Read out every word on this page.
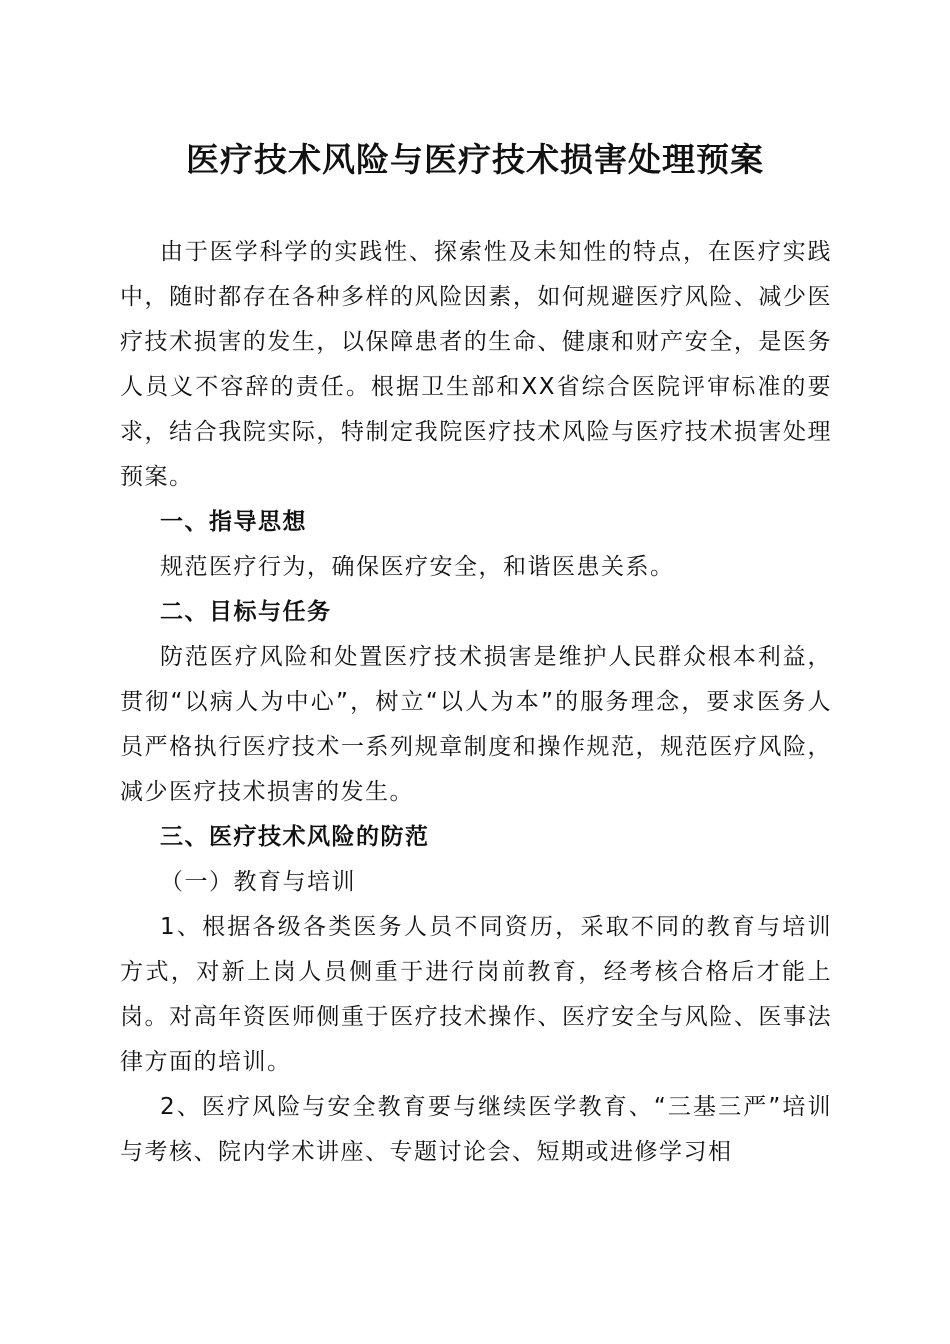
医疗技术风险与医疗技术损害处理预案

由于医学科学的实践性、探索性及未知性的特点，在医疗实践中，随时都存在各种多样的风险因素，如何规避医疗风险、减少医疗技术损害的发生，以保障患者的生命、健康和财产安全，是医务人员义不容辞的责任。根据卫生部和XX省综合医院评审标准的要求，结合我院实际，特制定我院医疗技术风险与医疗技术损害处理预案。

一、指导思想

规范医疗行为，确保医疗安全，和谐医患关系。

二、目标与任务

防范医疗风险和处置医疗技术损害是维护人民群众根本利益，贯彻“以病人为中心”，树立“以人为本”的服务理念，要求医务人员严格执行医疗技术一系列规章制度和操作规范，规范医疗风险，减少医疗技术损害的发生。

三、医疗技术风险的防范

（一）教育与培训

1、根据各级各类医务人员不同资历，采取不同的教育与培训方式，对新上岗人员侧重于进行岗前教育，经考核合格后才能上岗。对高年资医师侧重于医疗技术操作、医疗安全与风险、医事法律方面的培训。

2、医疗风险与安全教育要与继续医学教育、“三基三严”培训与考核、院内学术讲座、专题讨论会、短期或进修学习相
